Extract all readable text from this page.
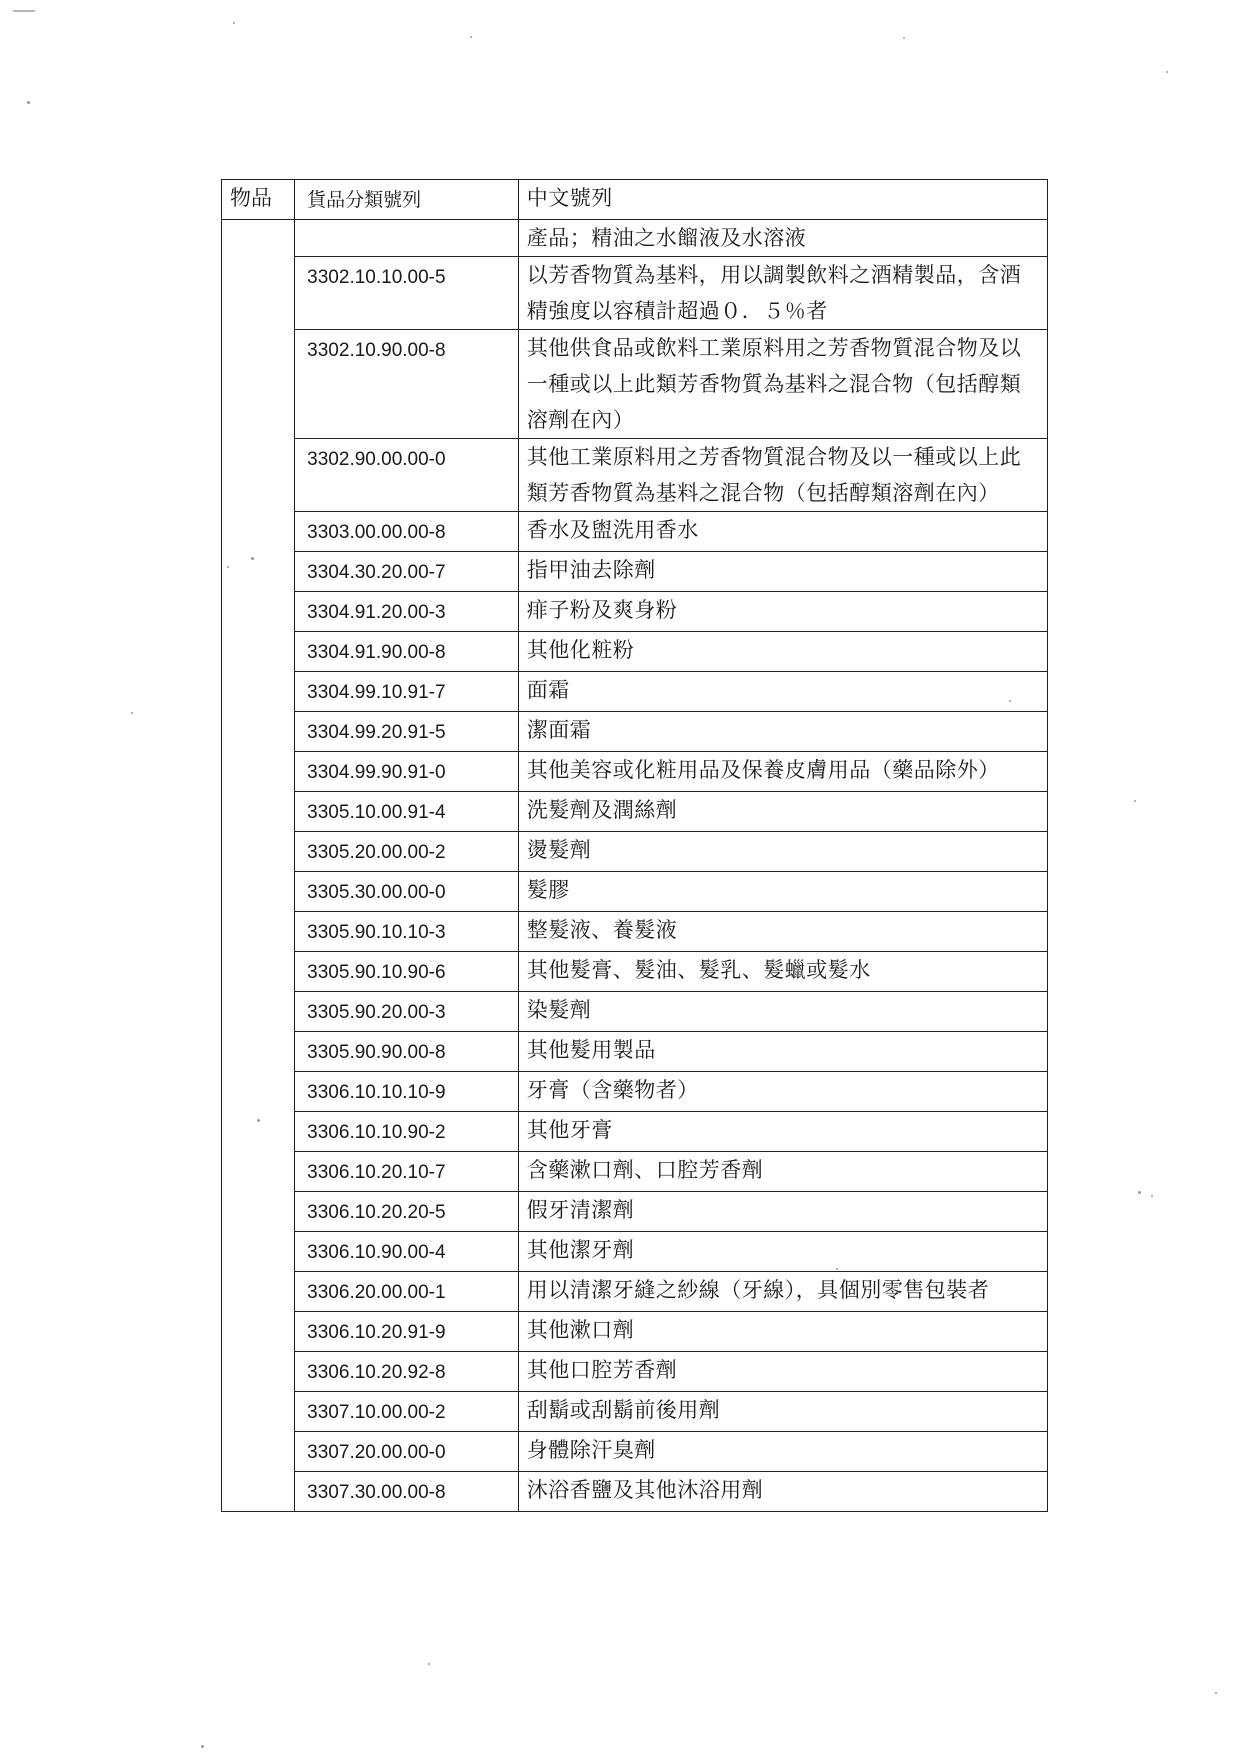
物品	貨品分類號列	中文號列
		產品；精油之水餾液及水溶液
	3302.10.10.00-5	以芳香物質為基料，用以調製飲料之酒精製品，含酒精強度以容積計超過０．５％者
	3302.10.90.00-8	其他供食品或飲料工業原料用之芳香物質混合物及以一種或以上此類芳香物質為基料之混合物（包括醇類溶劑在內）
	3302.90.00.00-0	其他工業原料用之芳香物質混合物及以一種或以上此類芳香物質為基料之混合物（包括醇類溶劑在內）
	3303.00.00.00-8	香水及盥洗用香水
	3304.30.20.00-7	指甲油去除劑
	3304.91.20.00-3	痱子粉及爽身粉
	3304.91.90.00-8	其他化粧粉
	3304.99.10.91-7	面霜
	3304.99.20.91-5	潔面霜
	3304.99.90.91-0	其他美容或化粧用品及保養皮膚用品（藥品除外）
	3305.10.00.91-4	洗髮劑及潤絲劑
	3305.20.00.00-2	燙髮劑
	3305.30.00.00-0	髮膠
	3305.90.10.10-3	整髮液、養髮液
	3305.90.10.90-6	其他髮膏、髮油、髮乳、髮蠟或髮水
	3305.90.20.00-3	染髮劑
	3305.90.90.00-8	其他髮用製品
	3306.10.10.10-9	牙膏（含藥物者）
	3306.10.10.90-2	其他牙膏
	3306.10.20.10-7	含藥漱口劑、口腔芳香劑
	3306.10.20.20-5	假牙清潔劑
	3306.10.90.00-4	其他潔牙劑
	3306.20.00.00-1	用以清潔牙縫之紗線（牙線），具個別零售包裝者
	3306.10.20.91-9	其他漱口劑
	3306.10.20.92-8	其他口腔芳香劑
	3307.10.00.00-2	刮鬍或刮鬍前後用劑
	3307.20.00.00-0	身體除汗臭劑
	3307.30.00.00-8	沐浴香鹽及其他沐浴用劑
